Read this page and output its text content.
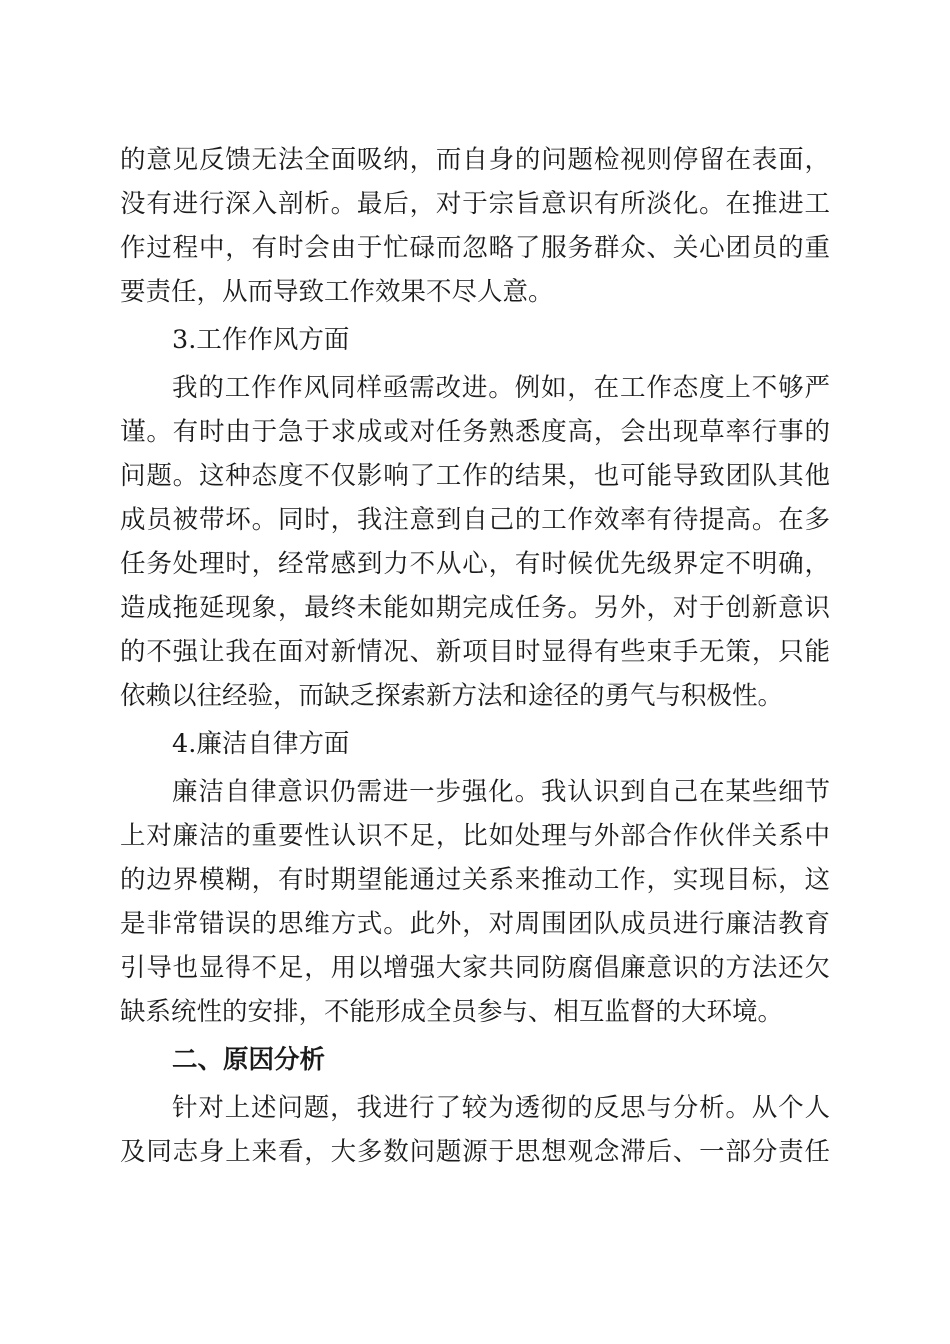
的意见反馈无法全面吸纳，而自身的问题检视则停留在表面，
没有进行深入剖析。最后，对于宗旨意识有所淡化。在推进工
作过程中，有时会由于忙碌而忽略了服务群众、关心团员的重
要责任，从而导致工作效果不尽人意。
3.工作作风方面
我的工作作风同样亟需改进。例如，在工作态度上不够严
谨。有时由于急于求成或对任务熟悉度高，会出现草率行事的
问题。这种态度不仅影响了工作的结果，也可能导致团队其他
成员被带坏。同时，我注意到自己的工作效率有待提高。在多
任务处理时，经常感到力不从心，有时候优先级界定不明确，
造成拖延现象，最终未能如期完成任务。另外，对于创新意识
的不强让我在面对新情况、新项目时显得有些束手无策，只能
依赖以往经验，而缺乏探索新方法和途径的勇气与积极性。
4.廉洁自律方面
廉洁自律意识仍需进一步强化。我认识到自己在某些细节
上对廉洁的重要性认识不足，比如处理与外部合作伙伴关系中
的边界模糊，有时期望能通过关系来推动工作，实现目标，这
是非常错误的思维方式。此外，对周围团队成员进行廉洁教育
引导也显得不足，用以增强大家共同防腐倡廉意识的方法还欠
缺系统性的安排，不能形成全员参与、相互监督的大环境。
二、原因分析
针对上述问题，我进行了较为透彻的反思与分析。从个人
及同志身上来看，大多数问题源于思想观念滞后、一部分责任
